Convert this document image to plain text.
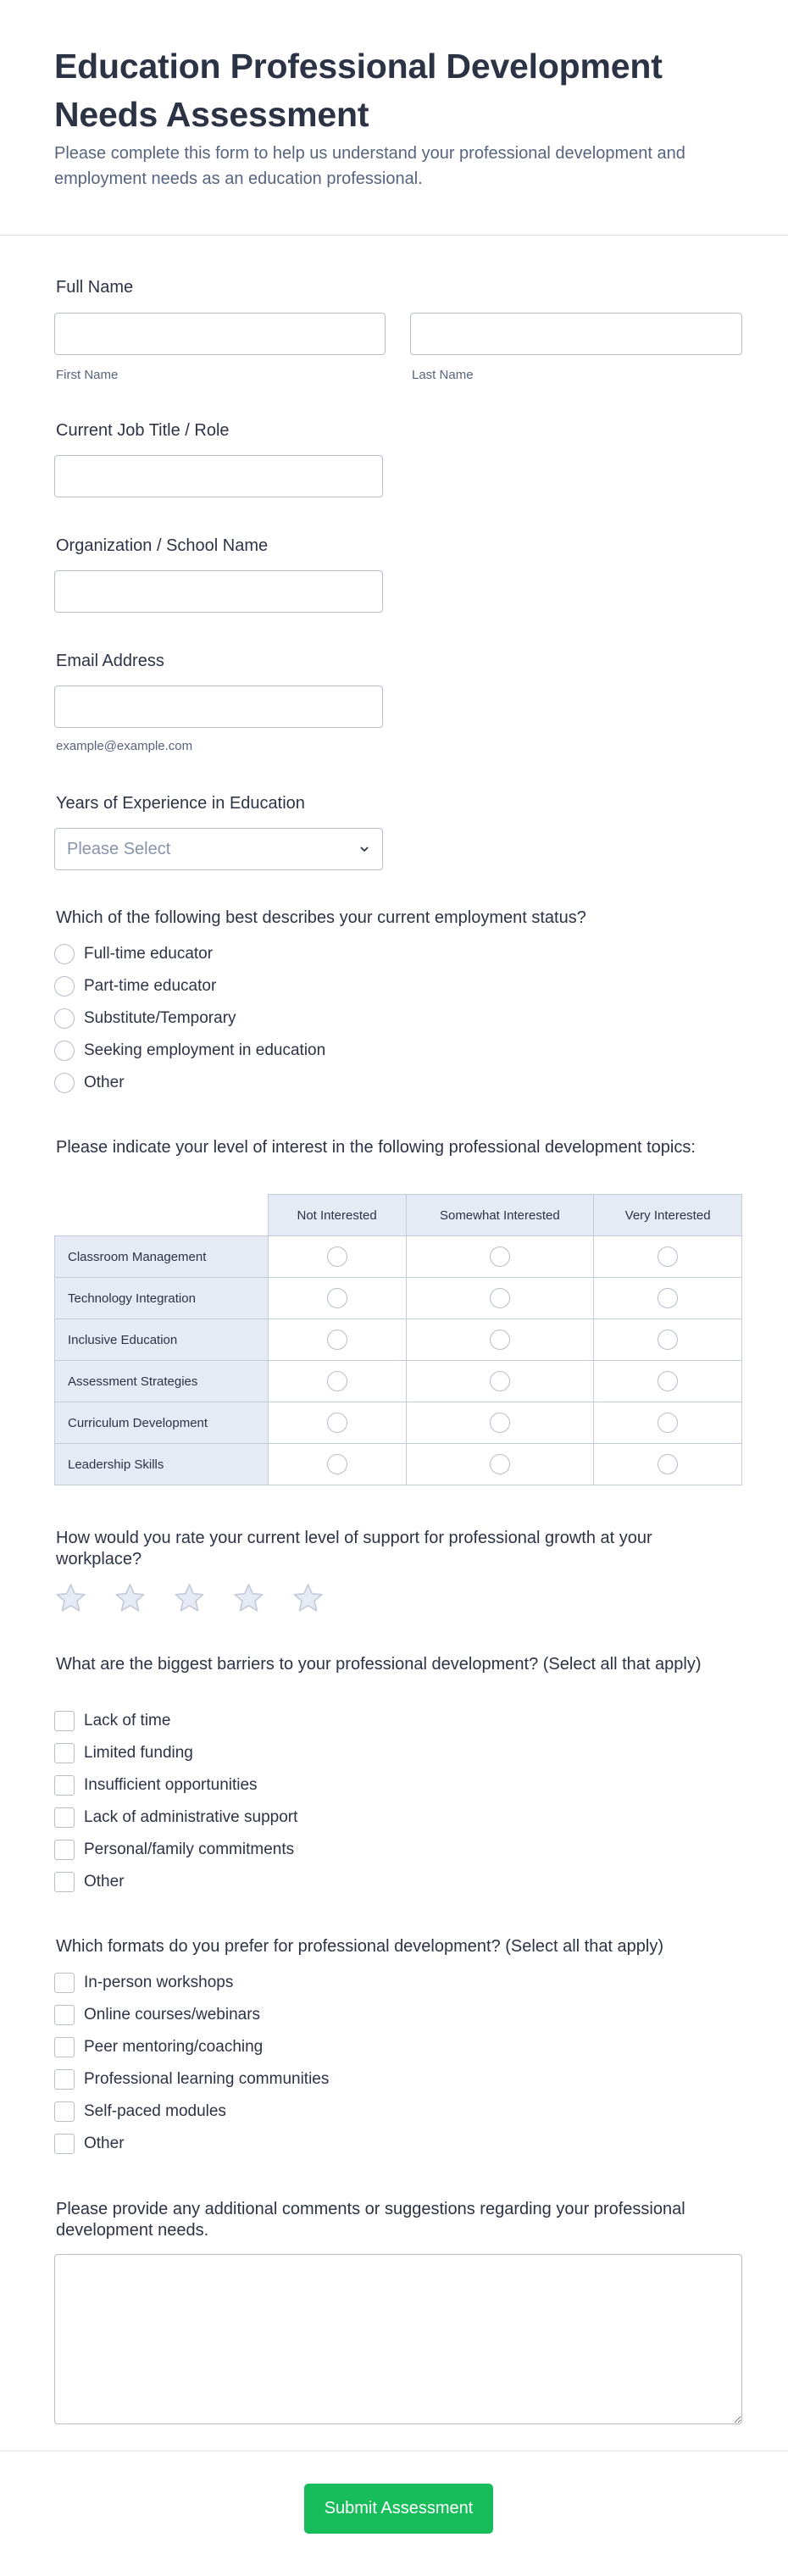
Education Professional Development Needs Assessment

Please complete this form to help us understand your professional development and employment needs as an education professional.

Full Name
First Name	Last Name
Current Job Title / Role
Organization / School Name
Email Address
example@example.com
Years of Experience in Education
Please Select
Which of the following best describes your current employment status?
Full-time educator
Part-time educator
Substitute/Temporary
Seeking employment in education
Other
Please indicate your level of interest in the following professional development topics:
	Not Interested	Somewhat Interested	Very Interested
Classroom Management			
Technology Integration			
Inclusive Education			
Assessment Strategies			
Curriculum Development			
Leadership Skills			
How would you rate your current level of support for professional growth at your workplace?
What are the biggest barriers to your professional development? (Select all that apply)
Lack of time
Limited funding
Insufficient opportunities
Lack of administrative support
Personal/family commitments
Other
Which formats do you prefer for professional development? (Select all that apply)
In-person workshops
Online courses/webinars
Peer mentoring/coaching
Professional learning communities
Self-paced modules
Other
Please provide any additional comments or suggestions regarding your professional development needs.
Submit Assessment
